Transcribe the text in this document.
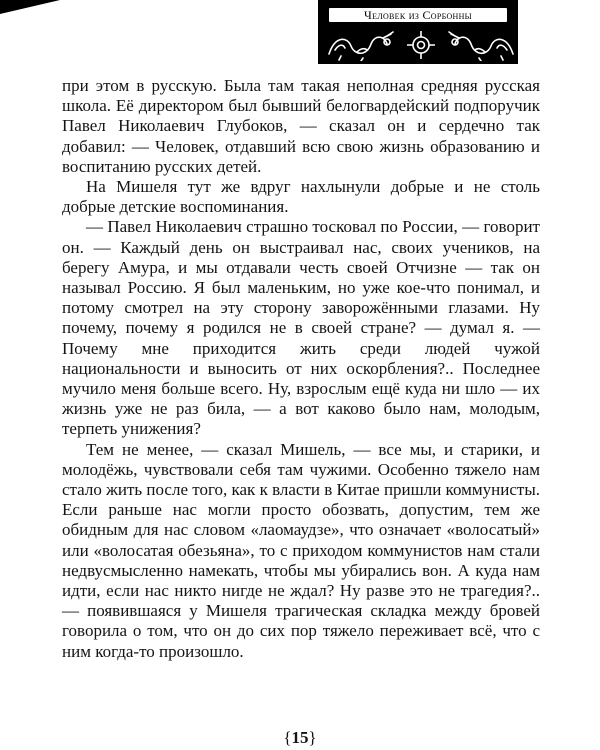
Человек из Сорбонны

при этом в русскую. Была там такая неполная средняя русская школа. Её директором был бывший белогвардейский подпоручик Павел Николаевич Глубоков, — сказал он и сердечно так добавил: — Человек, отдавший всю свою жизнь образованию и воспитанию русских детей.

На Мишеля тут же вдруг нахлынули добрые и не столь добрые детские воспоминания.

— Павел Николаевич страшно тосковал по России, — говорит он. — Каждый день он выстраивал нас, своих учеников, на берегу Амура, и мы отдавали честь своей Отчизне — так он называл Россию. Я был маленьким, но уже кое-что понимал, и потому смотрел на эту сторону заворожёнными глазами. Ну почему, почему я родился не в своей стране? — думал я. — Почему мне приходится жить среди людей чужой национальности и выносить от них оскорбления?.. Последнее мучило меня больше всего. Ну, взрослым ещё куда ни шло — их жизнь уже не раз била, — а вот каково было нам, молодым, терпеть унижения?

Тем не менее, — сказал Мишель, — все мы, и старики, и молодёжь, чувствовали себя там чужими. Особенно тяжело нам стало жить после того, как к власти в Китае пришли коммунисты. Если раньше нас могли просто обозвать, допустим, тем же обидным для нас словом «лаомаудзе», что означает «волосатый» или «волосатая обезьяна», то с приходом коммунистов нам стали недвусмысленно намекать, чтобы мы убирались вон. А куда нам идти, если нас никто нигде не ждал? Ну разве это не трагедия?.. — появившаяся у Мишеля трагическая складка между бровей говорила о том, что он до сих пор тяжело переживает всё, что с ним когда-то произошло.

{15}
